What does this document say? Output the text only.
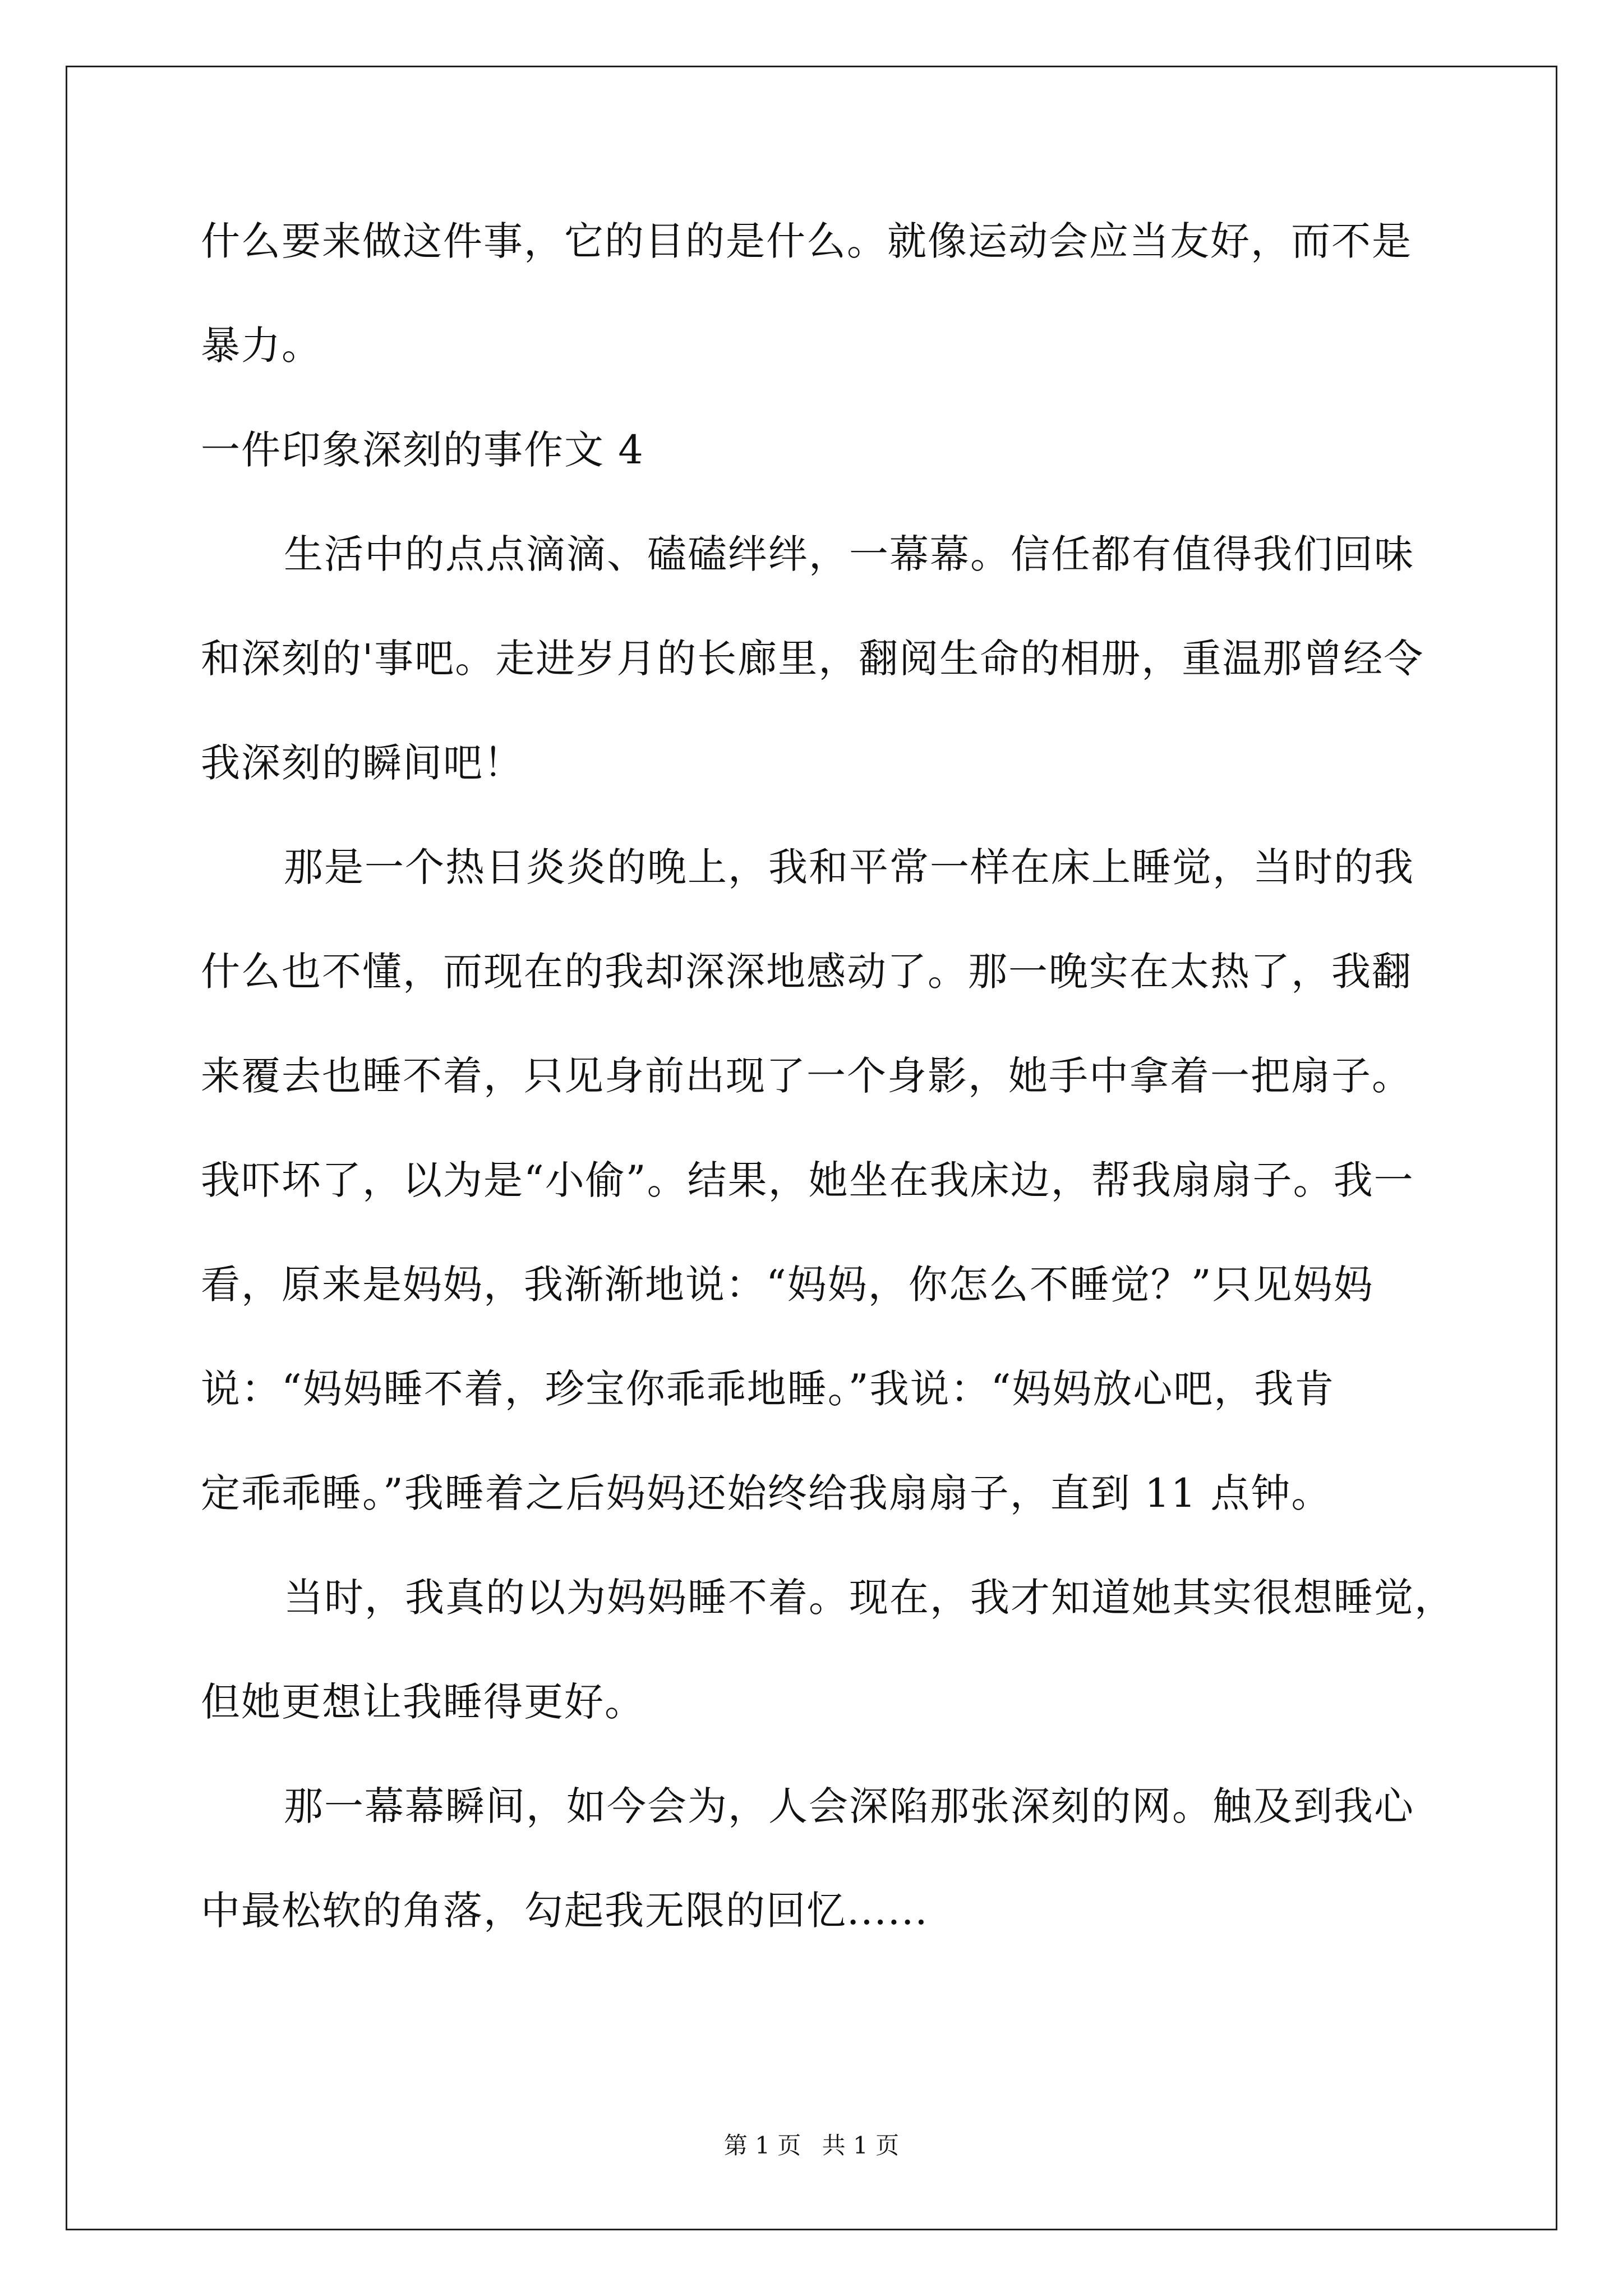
什么要来做这件事，它的目的是什么。就像运动会应当友好，而不是
暴力。
一件印象深刻的事作文 4
生活中的点点滴滴、磕磕绊绊，一幕幕。信任都有值得我们回味
和深刻的'事吧。走进岁月的长廊里，翻阅生命的相册，重温那曾经令
我深刻的瞬间吧！
那是一个热日炎炎的晚上，我和平常一样在床上睡觉，当时的我
什么也不懂，而现在的我却深深地感动了。那一晚实在太热了，我翻
来覆去也睡不着，只见身前出现了一个身影，她手中拿着一把扇子。
我吓坏了，以为是“小偷”。结果，她坐在我床边，帮我扇扇子。我一
看，原来是妈妈，我渐渐地说：“妈妈，你怎么不睡觉？”只见妈妈
说：“妈妈睡不着，珍宝你乖乖地睡。”我说：“妈妈放心吧，我肯
定乖乖睡。”我睡着之后妈妈还始终给我扇扇子，直到 11 点钟。
当时，我真的以为妈妈睡不着。现在，我才知道她其实很想睡觉，
但她更想让我睡得更好。
那一幕幕瞬间，如今会为，人会深陷那张深刻的网。触及到我心
中最松软的角落，勾起我无限的回忆......
第 1 页 共 1 页
